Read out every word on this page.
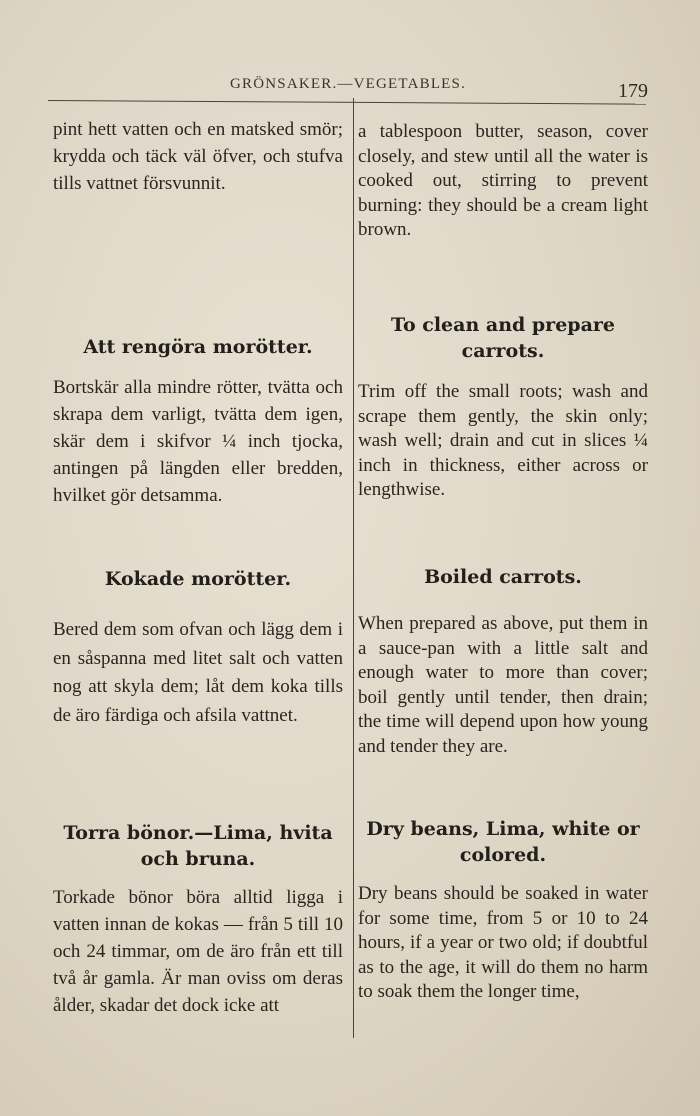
GRÖNSAKER.—VEGETABLES.	179

pint hett vatten och en matsked smör; krydda och täck väl öfver, och stufva tills vattnet försvunnit.

Att rengöra morötter.

Bortskär alla mindre rötter, tvätta och skrapa dem varligt, tvätta dem igen, skär dem i skifvor ¼ inch tjocka, antingen på längden eller bredden, hvilket gör detsamma.

Kokade morötter.

Bered dem som ofvan och lägg dem i en såspanna med litet salt och vatten nog att skyla dem; låt dem koka tills de äro färdiga och afsila vattnet.

Torra bönor.—Lima, hvita och bruna.

Torkade bönor böra alltid ligga i vatten innan de kokas — från 5 till 10 och 24 timmar, om de äro från ett till två år gamla. Är man oviss om deras ålder, skadar det dock icke att

a tablespoon butter, season, cover closely, and stew until all the water is cooked out, stirring to prevent burning: they should be a cream light brown.

To clean and prepare carrots.

Trim off the small roots; wash and scrape them gently, the skin only; wash well; drain and cut in slices ¼ inch in thickness, either across or lengthwise.

Boiled carrots.

When prepared as above, put them in a sauce-pan with a little salt and enough water to more than cover; boil gently until tender, then drain; the time will depend upon how young and tender they are.

Dry beans, Lima, white or colored.

Dry beans should be soaked in water for some time, from 5 or 10 to 24 hours, if a year or two old; if doubtful as to the age, it will do them no harm to soak them the longer time,
